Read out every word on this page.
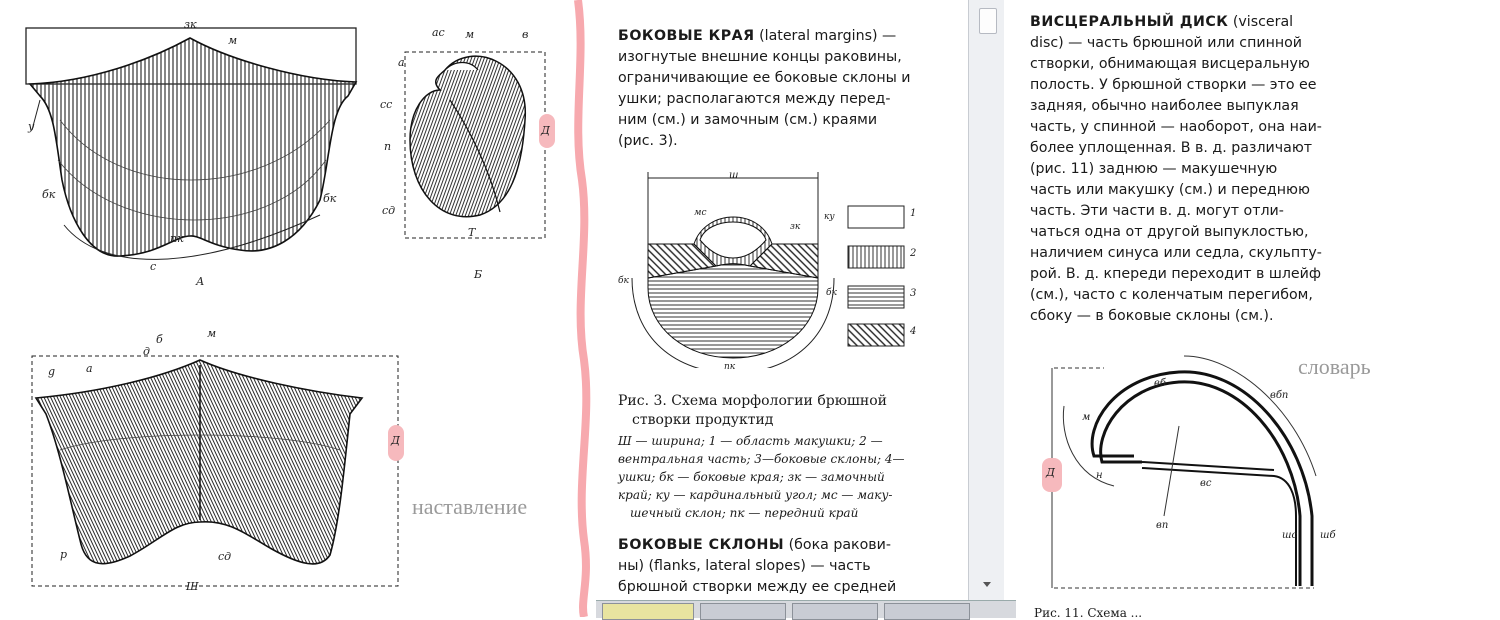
зк
м
у
бк	бк
пк
с
А
а
ас м	в
сс
п
сд
Д
Т
Б
д
б	м
g	а
Д
р	сд
Ш
наставление
БОКОВЫЕ КРАЯ (lateral margins) —
изогнутые внешние концы раковины,
ограничивающие ее боковые склоны и
ушки; располагаются между перед-
ним (см.) и замочным (см.) краями
(рис. 3).
ш
мс
зк
ку
бк
бк
пк
1
2
3
4
Рис. 3. Схема морфологии брюшной
створки продуктид
Ш — ширина; 1 — область макушки; 2 —
вентральная часть; 3—боковые склоны; 4—
ушки; бк — боковые края; зк — замочный
край; ку — кардинальный угол; мс — маку-
шечный склон; пк — передний край
БОКОВЫЕ СКЛОНЫ (бока ракови-
ны) (flanks, lateral slopes) — часть
брюшной створки между ее средней
ВИСЦЕРАЛЬНЫЙ ДИСК (visceral
disc) — часть брюшной или спинной
створки, обнимающая висцеральную
полость. У брюшной створки — это ее
задняя, обычно наиболее выпуклая
часть, у спинной — наоборот, она наи-
более уплощенная. В в. д. различают
(рис. 11) заднюю — макушечную
часть или макушку (см.) и переднюю
часть. Эти части в. д. могут отли-
чаться одна от другой выпуклостью,
наличием синуса или седла, скульпту-
рой. В. д. кпереди переходит в шлейф
(см.), часто с коленчатым перегибом,
сбоку — в боковые склоны (см.).
вб
вбп
м
Д	н
вс
вп
шс шб
Рис. 11. Схема ...
словарь
